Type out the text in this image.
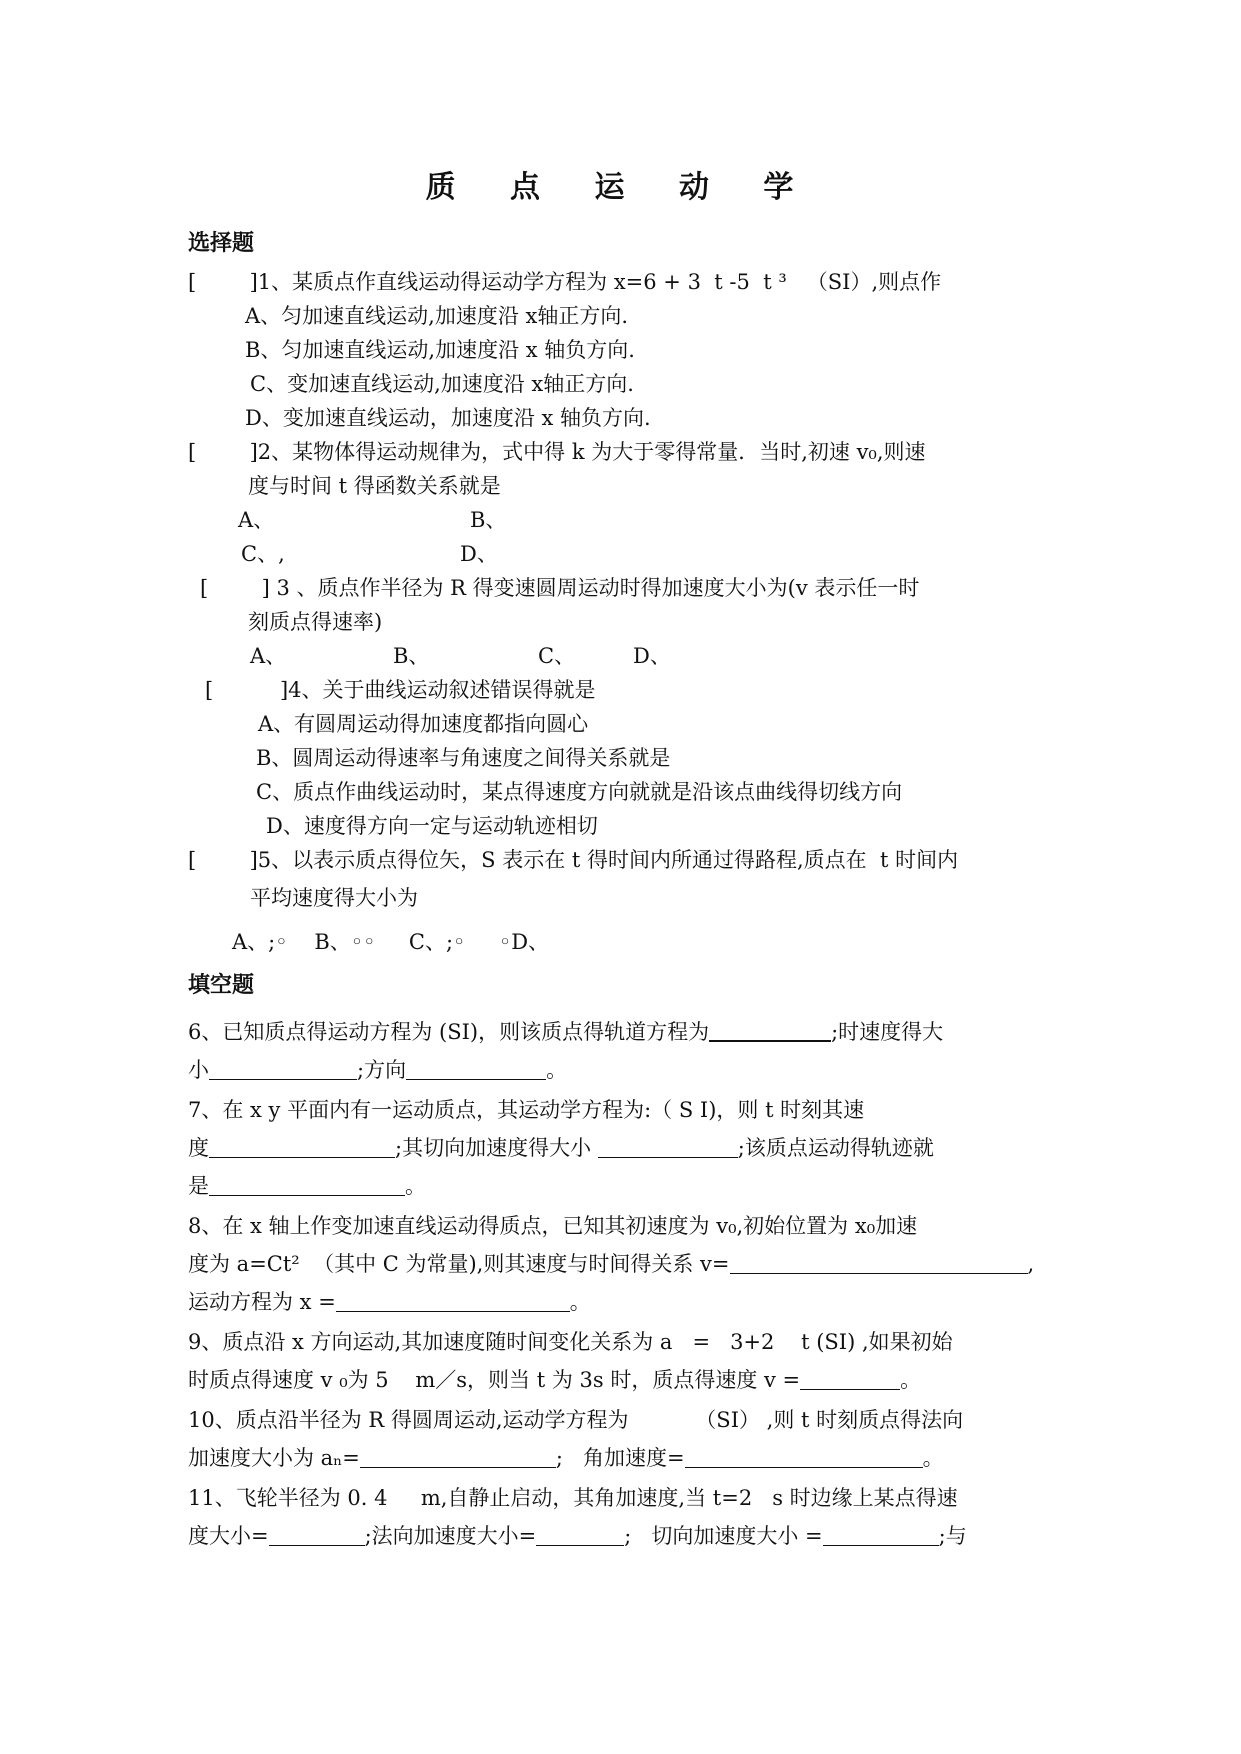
质 点 运 动 学
选择题
[        ]1、某质点作直线运动得运动学方程为 x=6 + 3  t -5  t ³   （SI）,则点作
A、匀加速直线运动,加速度沿 x轴正方向.
B、匀加速直线运动,加速度沿 x 轴负方向.
C、变加速直线运动,加速度沿 x轴正方向.
D、变加速直线运动，加速度沿 x 轴负方向.
[        ]2、某物体得运动规律为，式中得 k 为大于零得常量．当时,初速 v₀,则速
度与时间 t 得函数关系就是
A、	B、
C、,	D、
[        ] 3 、质点作半径为 R 得变速圆周运动时得加速度大小为(v 表示任一时
刻质点得速率)
A、	B、	C、	D、
[          ]4、关于曲线运动叙述错误得就是
A、有圆周运动得加速度都指向圆心
B、圆周运动得速率与角速度之间得关系就是
C、质点作曲线运动时，某点得速度方向就就是沿该点曲线得切线方向
D、速度得方向一定与运动轨迹相切
[        ]5、以表示质点得位矢，S 表示在 t 得时间内所通过得路程,质点在  t 时间内
平均速度得大小为
A、;◦    B、◦◦     C、;◦     ◦D、
填空题
6、已知质点得运动方程为 (SI)，则该质点得轨道方程为	;时速度得大
小	;方向	。
7、在 x y 平面内有一运动质点，其运动学方程为:（ S I)，则 t 时刻其速
度	;其切向加速度得大小	;该质点运动得轨迹就
是	。
8、在 x 轴上作变加速直线运动得质点，已知其初速度为 v₀,初始位置为 x₀加速
度为 a=Ct²  （其中 C 为常量),则其速度与时间得关系 v=	,
运动方程为 x =	。
9、质点沿 x 方向运动,其加速度随时间变化关系为 a   =   3+2    t (SI) ,如果初始
时质点得速度 v ₀为 5    m／s，则当 t 为 3s 时，质点得速度 v =	。
10、质点沿半径为 R 得圆周运动,运动学方程为          （SI） ,则 t 时刻质点得法向
加速度大小为 aₙ=	;   角加速度=	。
11、飞轮半径为 0. 4     m,自静止启动，其角加速度,当 t=2   s 时边缘上某点得速
度大小=	;法向加速度大小=	;   切向加速度大小 =	;与
